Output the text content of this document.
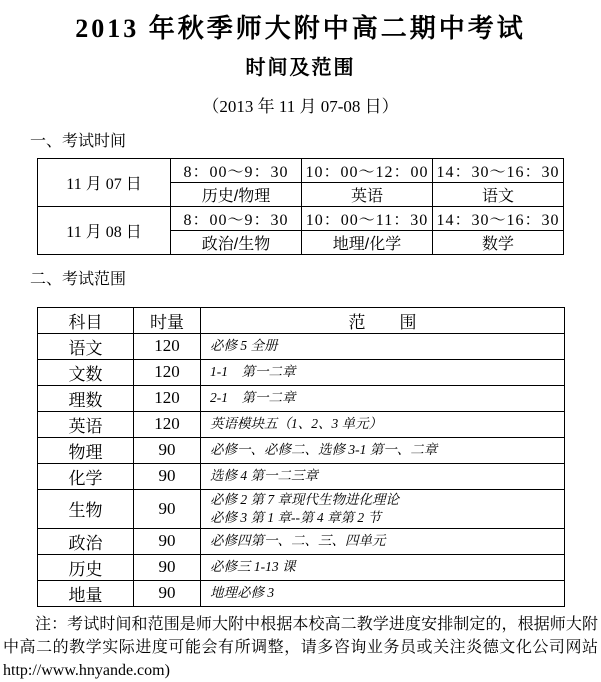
2013 年秋季师大附中高二期中考试
时间及范围
（2013 年 11 月 07-08 日）
一、考试时间
11 月 07 日	8：00～9：30	10：00～12：00	14：30～16：30
	历史/物理	英语	语文
11 月 08 日	8：00～9：30	10：00～11：30	14：30～16：30
	政治/生物	地理/化学	数学
二、考试范围
科目	时量	范　　围
语文	120	必修 5 全册
文数	120	1-1　第一二章
理数	120	2-1　第一二章
英语	120	英语模块五（1、2、3 单元）
物理	90	必修一、必修二、选修 3-1 第一、二章
化学	90	选修 4 第一二三章
生物	90	必修 2 第 7 章现代生物进化理论
必修 3 第 1 章--第 4 章第 2 节

政治	90	必修四第一、二、三、四单元
历史	90	必修三 1-13 课
地量	90	地理必修 3

注：考试时间和范围是师大附中根据本校高二教学进度安排制定的，根据师大附中高二的教学实际进度可能会有所调整，请多咨询业务员或关注炎德文化公司网站 http://www.hnyande.com)
